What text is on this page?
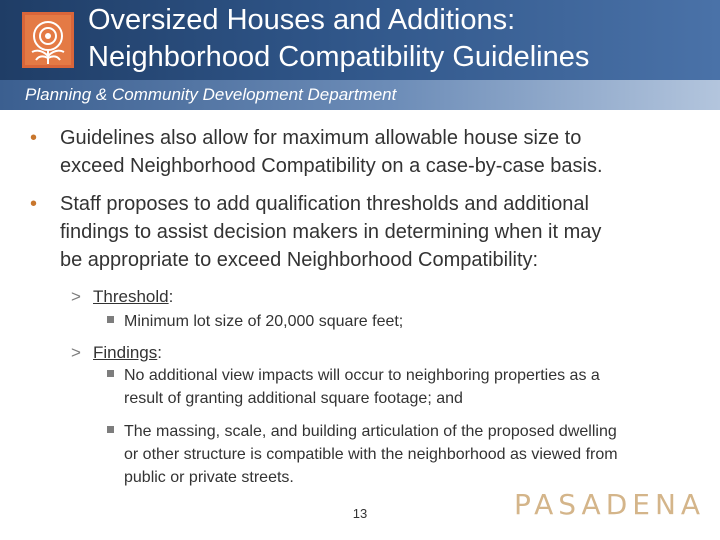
Oversized Houses and Additions:
Neighborhood Compatibility Guidelines
Planning & Community Development Department
• Guidelines also allow for maximum allowable house size to
exceed Neighborhood Compatibility on a case-by-case basis.
• Staff proposes to add qualification thresholds and additional
findings to assist decision makers in determining when it may
be appropriate to exceed Neighborhood Compatibility:
> Threshold:
Minimum lot size of 20,000 square feet;
> Findings:
No additional view impacts will occur to neighboring properties as a
result of granting additional square footage; and
The massing, scale, and building articulation of the proposed dwelling
or other structure is compatible with the neighborhood as viewed from
public or private streets.
13	PASADENA
